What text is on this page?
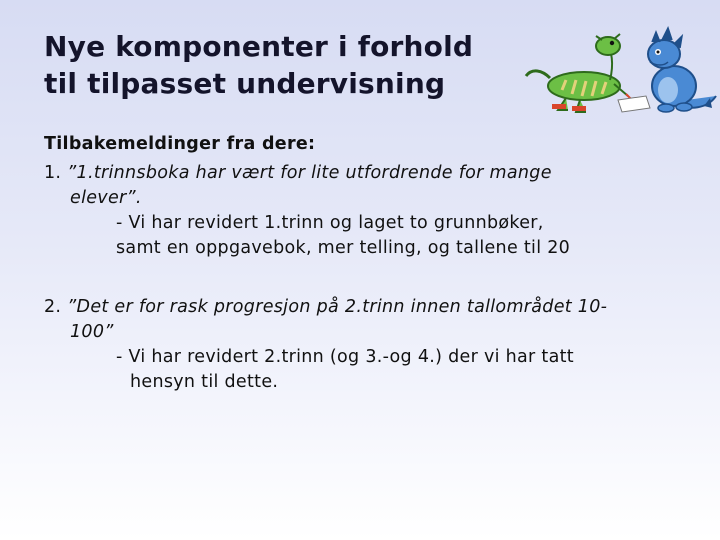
Nye komponenter i forhold
til tilpasset undervisning

Tilbakemeldinger fra dere:

1. ”1.trinnsboka har vært for lite utfordrende for mange
elever”.
- Vi har revidert 1.trinn og laget to grunnbøker,
samt en oppgavebok, mer telling, og tallene til 20
2. ”Det er for rask progresjon på 2.trinn innen tallområdet 10-
100”
- Vi har revidert 2.trinn (og 3.-og 4.) der vi har tatt
hensyn til dette.
